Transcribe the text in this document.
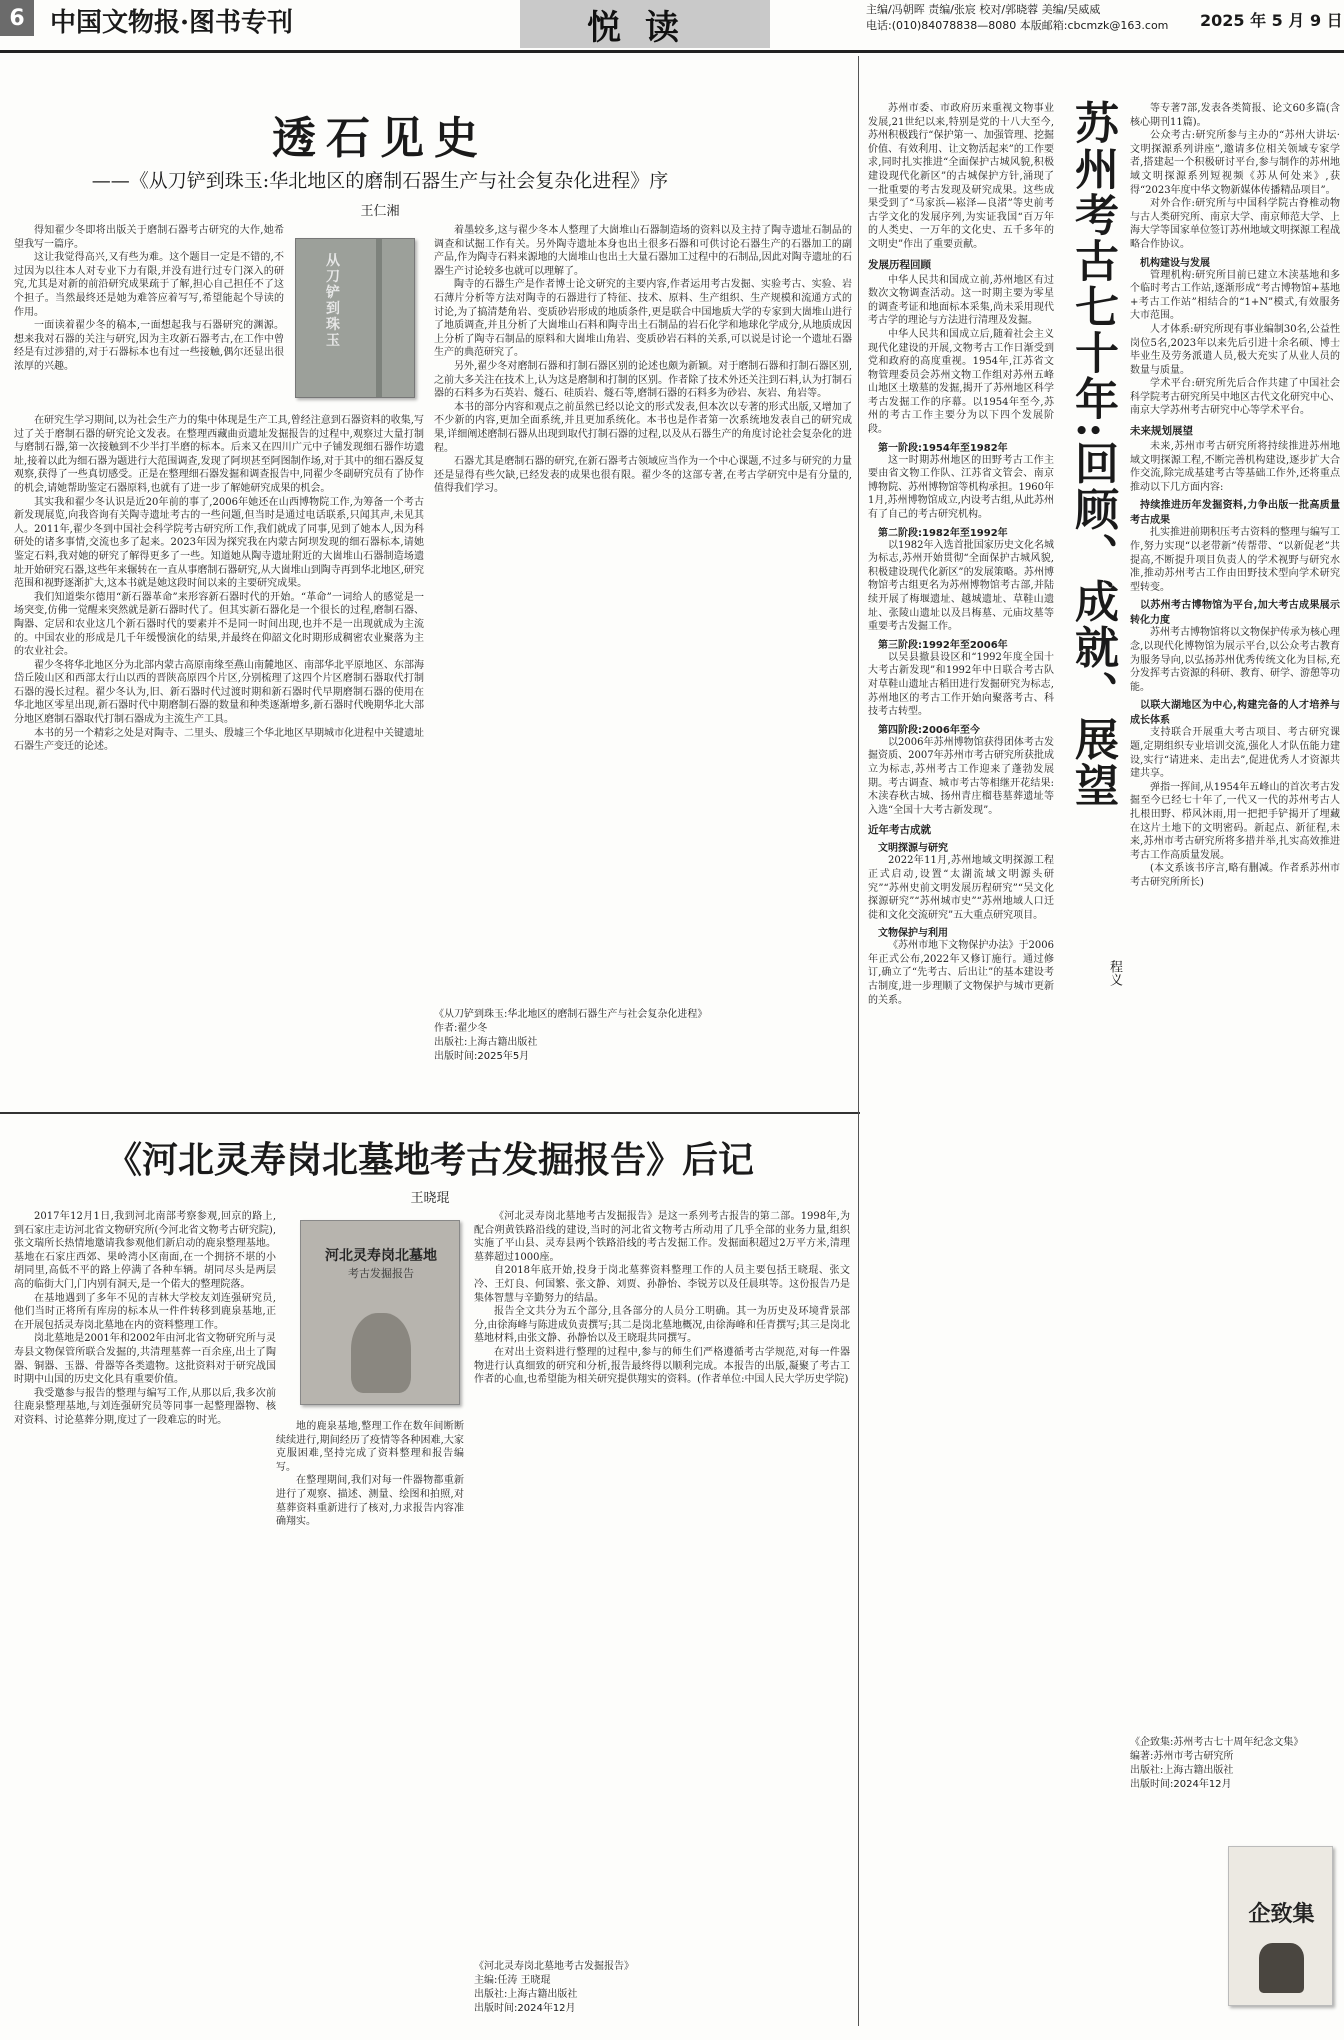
6 中国文物报·图书专刊	悦读	主编/冯朝晖 责编/张宸 校对/郭晓蓉 美编/吴威威
电话:(010)84078838—8080 本版邮箱:cbcmzk@163.com	2025 年 5 月 9 日
透石见史
——《从刀铲到珠玉:华北地区的磨制石器生产与社会复杂化进程》序
王仁湘

得知翟少冬即将出版关于磨制石器考古研究的大作,她希望我写一篇序。

这让我觉得高兴,又有些为难。这个题目一定是不错的,不过因为以往本人对专业下力有限,并没有进行过专门深入的研究,尤其是对新的前沿研究成果疏于了解,担心自己担任不了这个担子。当然最终还是她为难答应着写写,希望能起个导读的作用。

一面读着翟少冬的稿本,一面想起我与石器研究的渊源。想来我对石器的关注与研究,因为主攻新石器考古,在工作中曾经是有过涉猎的,对于石器标本也有过一些接触,偶尔还显出很浓厚的兴趣。

从刀铲到珠玉

在研究生学习期间,以为社会生产力的集中体现是生产工具,曾经注意到石器资料的收集,写过了关于磨制石器的研究论文发表。在整理西藏曲贡遗址发掘报告的过程中,观察过大量打制与磨制石器,第一次接触到不少半打半磨的标本。后来又在四川广元中子铺发现细石器作坊遗址,接着以此为细石器为题进行大范围调查,发现了阿坝甚至阿图制作场,对于其中的细石器反复观察,获得了一些真切感受。正是在整理细石器发掘和调查报告中,同翟少冬副研究员有了协作的机会,请她帮助鉴定石器原料,也就有了进一步了解她研究成果的机会。

其实我和翟少冬认识是近20年前的事了,2006年她还在山西博物院工作,为筹备一个考古新发现展览,向我咨询有关陶寺遗址考古的一些问题,但当时是通过电话联系,只闻其声,未见其人。2011年,翟少冬到中国社会科学院考古研究所工作,我们就成了同事,见到了她本人,因为科研处的诸多事情,交流也多了起来。2023年因为探究我在内蒙古阿坝发现的细石器标本,请她鉴定石料,我对她的研究了解得更多了一些。知道她从陶寺遗址附近的大崮堆山石器制造场遗址开始研究石器,这些年来辗转在一直从事磨制石器研究,从大崮堆山到陶寺再到华北地区,研究范围和视野逐渐扩大,这本书就是她这段时间以来的主要研究成果。

我们知道柴尔德用“新石器革命”来形容新石器时代的开始。“革命”一词给人的感觉是一场突变,仿佛一觉醒来突然就是新石器时代了。但其实新石器化是一个很长的过程,磨制石器、陶器、定居和农业这几个新石器时代的要素并不是同一时间出现,也并不是一出现就成为主流的。中国农业的形成是几千年缓慢演化的结果,并最终在仰韶文化时期形成稠密农业聚落为主的农业社会。

翟少冬将华北地区分为北部内蒙古高原南缘至燕山南麓地区、南部华北平原地区、东部海岱丘陵山区和西部太行山以西的晋陕高原四个片区,分别梳理了这四个片区磨制石器取代打制石器的漫长过程。翟少冬认为,旧、新石器时代过渡时期和新石器时代早期磨制石器的使用在华北地区零星出现,新石器时代中期磨制石器的数量和种类逐渐增多,新石器时代晚期华北大部分地区磨制石器取代打制石器成为主流生产工具。

本书的另一个精彩之处是对陶寺、二里头、殷墟三个华北地区早期城市化进程中关键遗址石器生产变迁的论述。

着墨较多,这与翟少冬本人整理了大崮堆山石器制造场的资料以及主持了陶寺遗址石制品的调查和试掘工作有关。另外陶寺遗址本身也出土很多石器和可供讨论石器生产的石器加工的副产品,作为陶寺石料来源地的大崮堆山也出土大量石器加工过程中的石制品,因此对陶寺遗址的石器生产讨论较多也就可以理解了。

陶寺的石器生产是作者博士论文研究的主要内容,作者运用考古发掘、实验考古、实验、岩石薄片分析等方法对陶寺的石器进行了特征、技术、原料、生产组织、生产规模和流通方式的讨论,为了搞清楚角岩、变质砂岩形成的地质条件,更是联合中国地质大学的专家到大崮堆山进行了地质调查,并且分析了大崮堆山石料和陶寺出土石制品的岩石化学和地球化学成分,从地质成因上分析了陶寺石制品的原料和大崮堆山角岩、变质砂岩石料的关系,可以说是讨论一个遗址石器生产的典范研究了。

另外,翟少冬对磨制石器和打制石器区别的论述也颇为新颖。对于磨制石器和打制石器区别,之前大多关注在技术上,认为这是磨制和打制的区别。作者除了技术外还关注到石料,认为打制石器的石料多为石英岩、燧石、硅质岩、燧石等,磨制石器的石料多为砂岩、灰岩、角岩等。

本书的部分内容和观点之前虽然已经以论文的形式发表,但本次以专著的形式出版,又增加了不少新的内容,更加全面系统,并且更加系统化。本书也是作者第一次系统地发表自己的研究成果,详细阐述磨制石器从出现到取代打制石器的过程,以及从石器生产的角度讨论社会复杂化的进程。

石器尤其是磨制石器的研究,在新石器考古领域应当作为一个中心课题,不过多与研究的力量还是显得有些欠缺,已经发表的成果也很有限。翟少冬的这部专著,在考古学研究中是有分量的,值得我们学习。

《从刀铲到珠玉:华北地区的磨制石器生产与社会复杂化进程》
作者:翟少冬
出版社:上海古籍出版社
出版时间:2025年5月
《河北灵寿岗北墓地考古发掘报告》后记
王晓琨

2017年12月1日,我到河北南部考察参观,回京的路上,到石家庄走访河北省文物研究所(今河北省文物考古研究院),张文瑞所长热情地邀请我参观他们新启动的鹿泉整理基地。基地在石家庄西郊、果岭湾小区南面,在一个拥挤不堪的小胡同里,高低不平的路上停满了各种车辆。胡同尽头是两层高的临街大门,门内别有洞天,是一个偌大的整理院落。

在基地遇到了多年不见的吉林大学校友刘连强研究员,他们当时正将所有库房的标本从一件件转移到鹿泉基地,正在开展包括灵寿岗北墓地在内的资料整理工作。

岗北墓地是2001年和2002年由河北省文物研究所与灵寿县文物保管所联合发掘的,共清理墓葬一百余座,出土了陶器、铜器、玉器、骨器等各类遗物。这批资料对于研究战国时期中山国的历史文化具有重要价值。

我受邀参与报告的整理与编写工作,从那以后,我多次前往鹿泉整理基地,与刘连强研究员等同事一起整理器物、核对资料、讨论墓葬分期,度过了一段难忘的时光。

河北灵寿岗北墓地
考古发掘报告

地的鹿泉基地,整理工作在数年间断断续续进行,期间经历了疫情等各种困难,大家克服困难,坚持完成了资料整理和报告编写。

在整理期间,我们对每一件器物都重新进行了观察、描述、测量、绘图和拍照,对墓葬资料重新进行了核对,力求报告内容准确翔实。

《河北灵寿岗北墓地考古发掘报告》是这一系列考古报告的第二部。1998年,为配合朔黄铁路沿线的建设,当时的河北省文物考古所动用了几乎全部的业务力量,组织实施了平山县、灵寿县两个铁路沿线的考古发掘工作。发掘面积超过2万平方米,清理墓葬超过1000座。

自2018年底开始,投身于岗北墓葬资料整理工作的人员主要包括王晓琨、张文冷、王灯良、何国繁、张文静、刘贾、孙静怡、李锐芳以及任晨琪等。这份报告乃是集体智慧与辛勤努力的结晶。

报告全文共分为五个部分,且各部分的人员分工明确。其一为历史及环境背景部分,由徐海峰与陈进成负责撰写;其二是岗北墓地概况,由徐海峰和任青撰写;其三是岗北墓地材料,由张文静、孙静怡以及王晓琨共同撰写。

在对出土资料进行整理的过程中,参与的师生们严格遵循考古学规范,对每一件器物进行认真细致的研究和分析,报告最终得以顺利完成。本报告的出版,凝聚了考古工作者的心血,也希望能为相关研究提供翔实的资料。(作者单位:中国人民大学历史学院)

《河北灵寿岗北墓地考古发掘报告》
主编:任涛 王晓琨
出版社:上海古籍出版社
出版时间:2024年12月

苏州市委、市政府历来重视文物事业发展,21世纪以来,特别是党的十八大至今,苏州积极践行“保护第一、加强管理、挖掘价值、有效利用、让文物活起来”的工作要求,同时扎实推进“全面保护古城风貌,积极建设现代化新区”的古城保护方针,涌现了一批重要的考古发现及研究成果。这些成果受到了“马家浜—崧泽—良渚”等史前考古学文化的发展序列,为实证我国“百万年的人类史、一万年的文化史、五千多年的文明史”作出了重要贡献。

发展历程回顾

中华人民共和国成立前,苏州地区有过数次文物调查活动。这一时期主要为零星的调查考证和地面标本采集,尚未采用现代考古学的理论与方法进行清理及发掘。

中华人民共和国成立后,随着社会主义现代化建设的开展,文物考古工作日渐受到党和政府的高度重视。1954年,江苏省文物管理委员会苏州文物工作组对苏州五峰山地区土墩墓的发掘,揭开了苏州地区科学考古发掘工作的序幕。以1954年至今,苏州的考古工作主要分为以下四个发展阶段。

第一阶段:1954年至1982年

这一时期苏州地区的田野考古工作主要由省文物工作队、江苏省文管会、南京博物院、苏州博物馆等机构承担。1960年1月,苏州博物馆成立,内设考古组,从此苏州有了自己的考古研究机构。

第二阶段:1982年至1992年

以1982年入选首批国家历史文化名城为标志,苏州开始贯彻“全面保护古城风貌,积极建设现代化新区”的发展策略。苏州博物馆考古组更名为苏州博物馆考古部,并陆续开展了梅堰遗址、越城遗址、草鞋山遗址、张陵山遗址以及吕梅墓、元庙坟墓等重要考古发掘工作。

第三阶段:1992年至2006年

以吴县撤县设区和“1992年度全国十大考古新发现”和1992年中日联合考古队对草鞋山遗址古稻田进行发掘研究为标志,苏州地区的考古工作开始向聚落考古、科技考古转型。

第四阶段:2006年至今

以2006年苏州博物馆获得团体考古发掘资质、2007年苏州市考古研究所获批成立为标志,苏州考古工作迎来了蓬勃发展期。考古调查、城市考古等相继开花结果:木渎春秋古城、扬州青庄榴巷墓葬遗址等入选“全国十大考古新发现”。

近年考古成就

文明探源与研究

2022年11月,苏州地域文明探源工程正式启动,设置“太湖流域文明源头研究”“苏州史前文明发展历程研究”“吴文化探源研究”“苏州城市史”“苏州地域人口迁徙和文化交流研究”五大重点研究项目。

文物保护与利用

《苏州市地下文物保护办法》于2006年正式公布,2022年又修订施行。通过修订,确立了“先考古、后出让”的基本建设考古制度,进一步理顺了文物保护与城市更新的关系。

苏州考古七十年:回顾、成就、展望
程义

等专著7部,发表各类简报、论文60多篇(含核心期刊11篇)。

公众考古:研究所参与主办的“苏州大讲坛·文明探源系列讲座”,邀请多位相关领域专家学者,搭建起一个积极研讨平台,参与制作的苏州地域文明探源系列短视频《苏从何处来》,获得“2023年度中华文物新媒体传播精品项目”。

对外合作:研究所与中国科学院古脊椎动物与古人类研究所、南京大学、南京师范大学、上海大学等国家单位签订苏州地域文明探源工程战略合作协议。

机构建设与发展

管理机构:研究所目前已建立木渎基地和多个临时考古工作站,逐渐形成“考古博物馆+基地+考古工作站”相结合的“1+N”模式,有效服务大市范围。

人才体系:研究所现有事业编制30名,公益性岗位5名,2023年以来先后引进十余名硕、博士毕业生及劳务派遣人员,极大充实了从业人员的数量与质量。

学术平台:研究所先后合作共建了中国社会科学院考古研究所吴中地区古代文化研究中心、南京大学苏州考古研究中心等学术平台。

未来规划展望

未来,苏州市考古研究所将持续推进苏州地域文明探源工程,不断完善机构建设,逐步扩大合作交流,除完成基建考古等基础工作外,还将重点推动以下几方面内容:

持续推进历年发掘资料,力争出版一批高质量考古成果

扎实推进前期积压考古资料的整理与编写工作,努力实现“以老带新”传帮带、“以新促老”共提高,不断提升项目负责人的学术视野与研究水准,推动苏州考古工作由田野技术型向学术研究型转变。

以苏州考古博物馆为平台,加大考古成果展示转化力度

苏州考古博物馆将以文物保护传承为核心理念,以现代化博物馆为展示平台,以公众考古教育为服务导向,以弘扬苏州优秀传统文化为目标,充分发挥考古资源的科研、教育、研学、游憩等功能。

以联大湖地区为中心,构建完备的人才培养与成长体系

支持联合开展重大考古项目、考古研究课题,定期组织专业培训交流,强化人才队伍能力建设,实行“请进来、走出去”,促进优秀人才资源共建共享。

弹指一挥间,从1954年五峰山的首次考古发掘至今已经七十年了,一代又一代的苏州考古人扎根田野、栉风沐雨,用一把把手铲揭开了埋藏在这片土地下的文明密码。新起点、新征程,未来,苏州市考古研究所将多措并举,扎实高效推进考古工作高质量发展。

(本文系该书序言,略有删减。作者系苏州市考古研究所所长)

《企致集:苏州考古七十周年纪念文集》
编著:苏州市考古研究所
出版社:上海古籍出版社
出版时间:2024年12月
企致集
